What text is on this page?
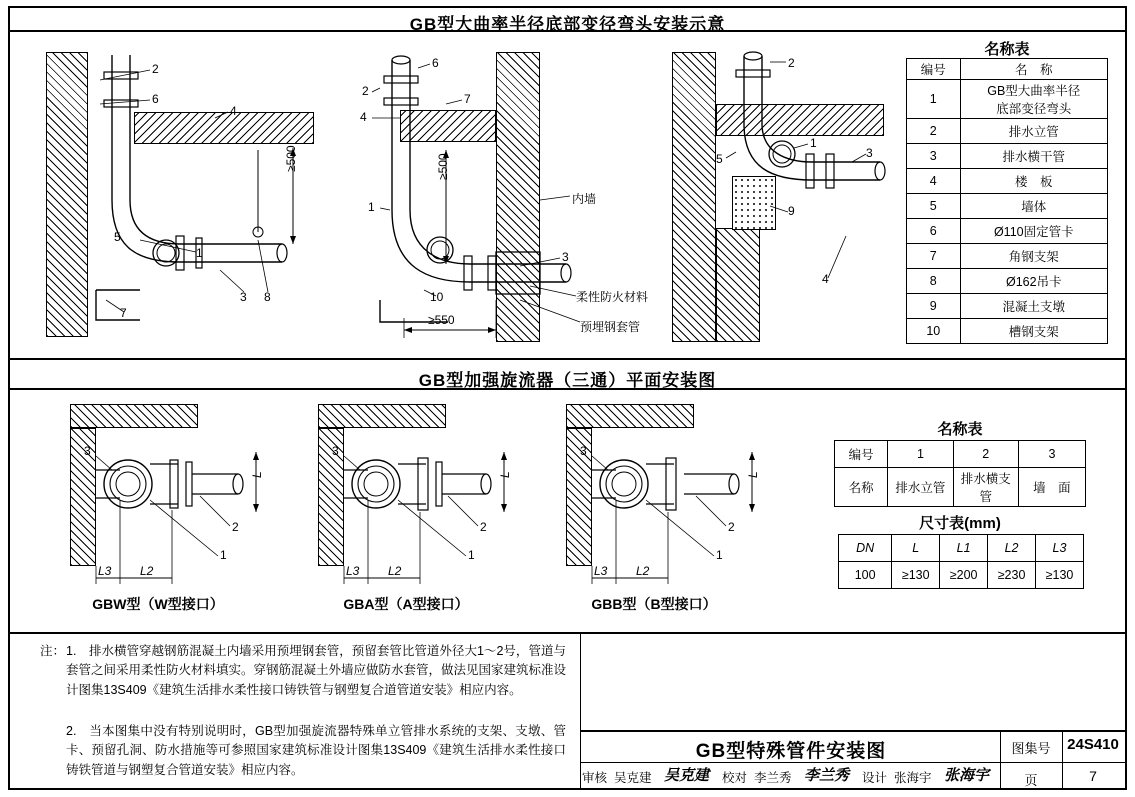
GB型大曲率半径底部变径弯头安装示意
2
6
4
5
1
3 8
7
≥500
6
2
7
4
1
3
10
≥500
≥550
内墙
柔性防火材料
预埋钢套管
2
1
3
5
9
4
名称表
编号	名　称
1	GB型大曲率半径
底部变径弯头
2	排水立管
3	排水横干管
4	楼　板
5	墙体
6	Ø110固定管卡
7	角钢支架
8	Ø162吊卡
9	混凝土支墩
10	槽钢支架
GB型加强旋流器（三通）平面安装图
3
1
2
L
L3 L2
GBW型（W型接口）
3
1
2
L
L3 L2
GBA型（A型接口）
3
1
2
L
L3 L2
GBB型（B型接口）
名称表
编号	1	2	3
名称	排水立管	排水横支管	墙　面
尺寸表(mm)
DN	L	L1	L2	L3
100	≥130	≥200	≥230	≥130
注： 1.　排水横管穿越钢筋混凝土内墙采用预埋钢套管，预留套管比管道外径大1～2号，管道与套管之间采用柔性防火材料填实。穿钢筋混凝土外墙应做防水套管，做法见国家建筑标准设计图集13S409《建筑生活排水柔性接口铸铁管与钢塑复合道管道安装》相应内容。
2.　当本图集中没有特别说明时，GB型加强旋流器特殊单立管排水系统的支架、支墩、管卡、预留孔洞、防水措施等可参照国家建筑标准设计图集13S409《建筑生活排水柔性接口铸铁管道与钢塑复合管道安装》相应内容。
GB型特殊管件安装图	图集号	24S410
页	7
审核 吴克建 吴克建 校对 李兰秀 李兰秀 设计 张海宇 张海宇
